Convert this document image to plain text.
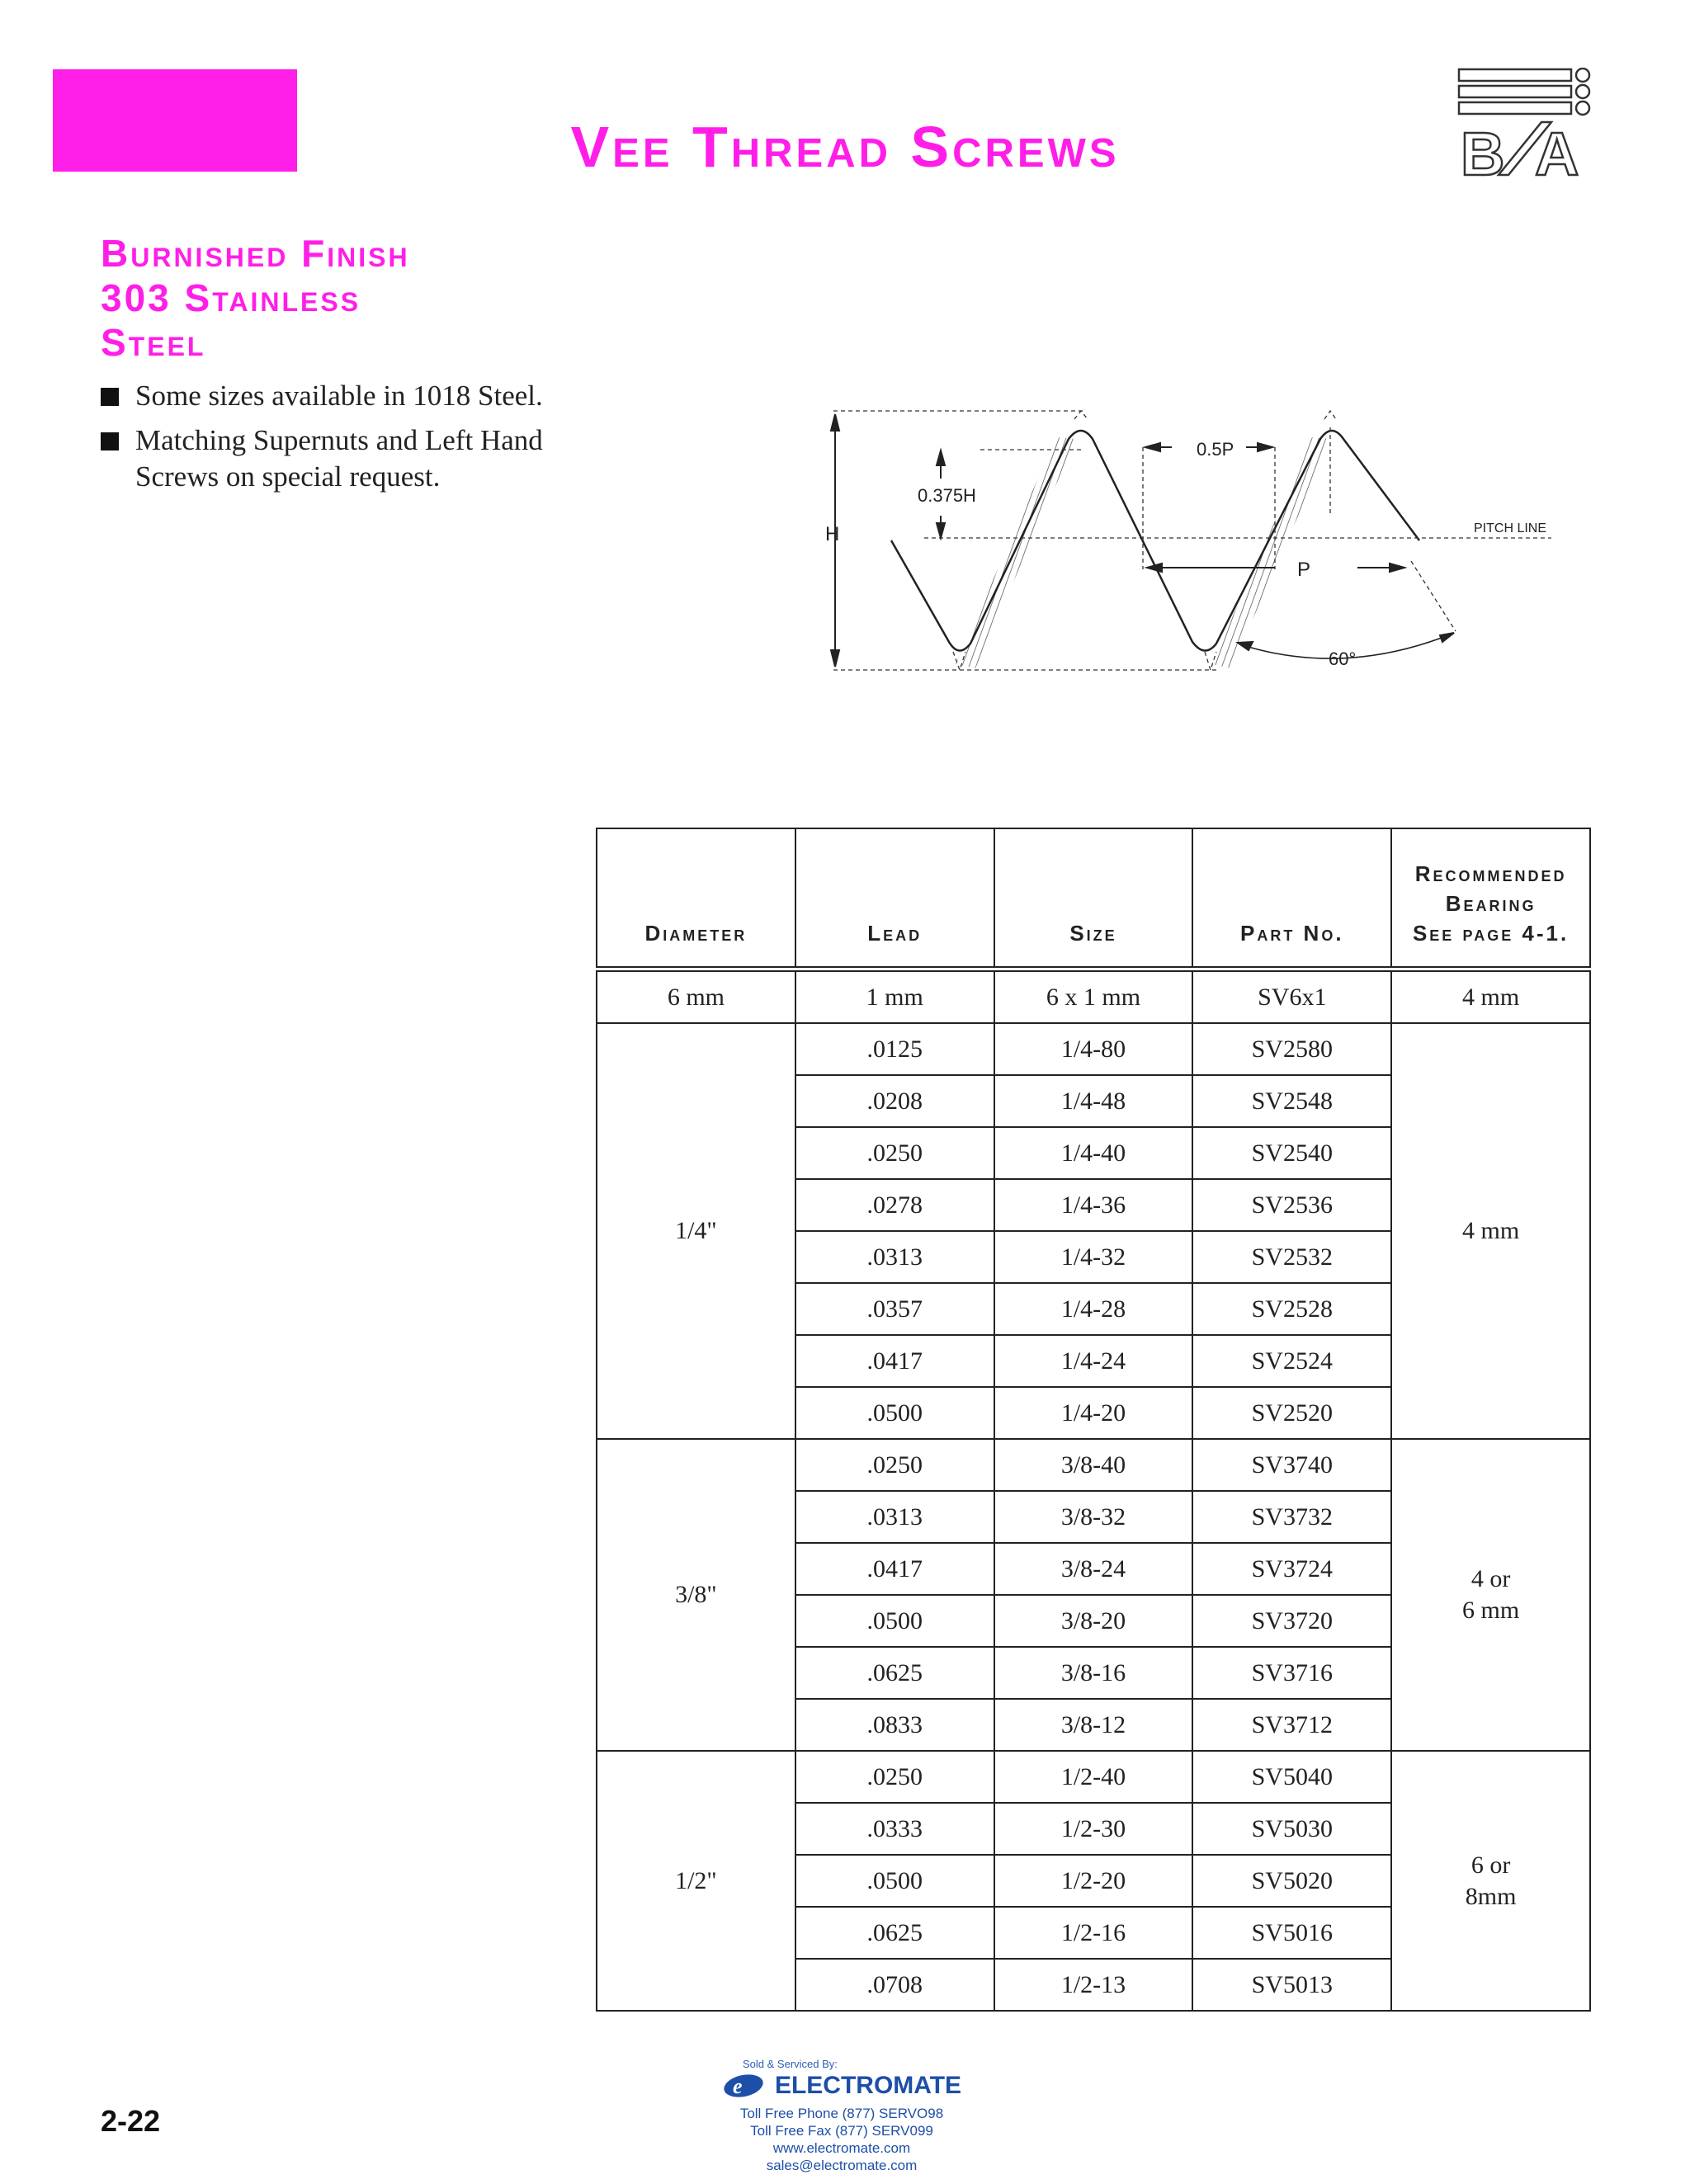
Vee Thread Screws	B A
Burnished Finish
303 Stainless
Steel
Some sizes available in 1018 Steel.
Matching Supernuts and Left Hand Screws on special request.
H
0.375H
0.5P
P
PITCH LINE
60°
Diameter	Lead	Size	Part No.	Recommended
Bearing
See page 4-1.

6 mm	1 mm	6 x 1 mm	SV6x1	4 mm
1/4"	.0125	1/4-80	SV2580	4 mm
	.0208	1/4-48	SV2548	
	.0250	1/4-40	SV2540	
	.0278	1/4-36	SV2536	
	.0313	1/4-32	SV2532	
	.0357	1/4-28	SV2528	
	.0417	1/4-24	SV2524	
	.0500	1/4-20	SV2520	
3/8"	.0250	3/8-40	SV3740	4 or
6 mm
	.0313	3/8-32	SV3732	
	.0417	3/8-24	SV3724	
	.0500	3/8-20	SV3720	
	.0625	3/8-16	SV3716	
	.0833	3/8-12	SV3712	
1/2"	.0250	1/2-40	SV5040	6 or
8mm
	.0333	1/2-30	SV5030	
	.0500	1/2-20	SV5020	
	.0625	1/2-16	SV5016	
	.0708	1/2-13	SV5013	
2-22
Sold & Serviced By:
e ELECTROMATE
Toll Free Phone (877) SERVO98
Toll Free Fax (877) SERV099
www.electromate.com
sales@electromate.com
